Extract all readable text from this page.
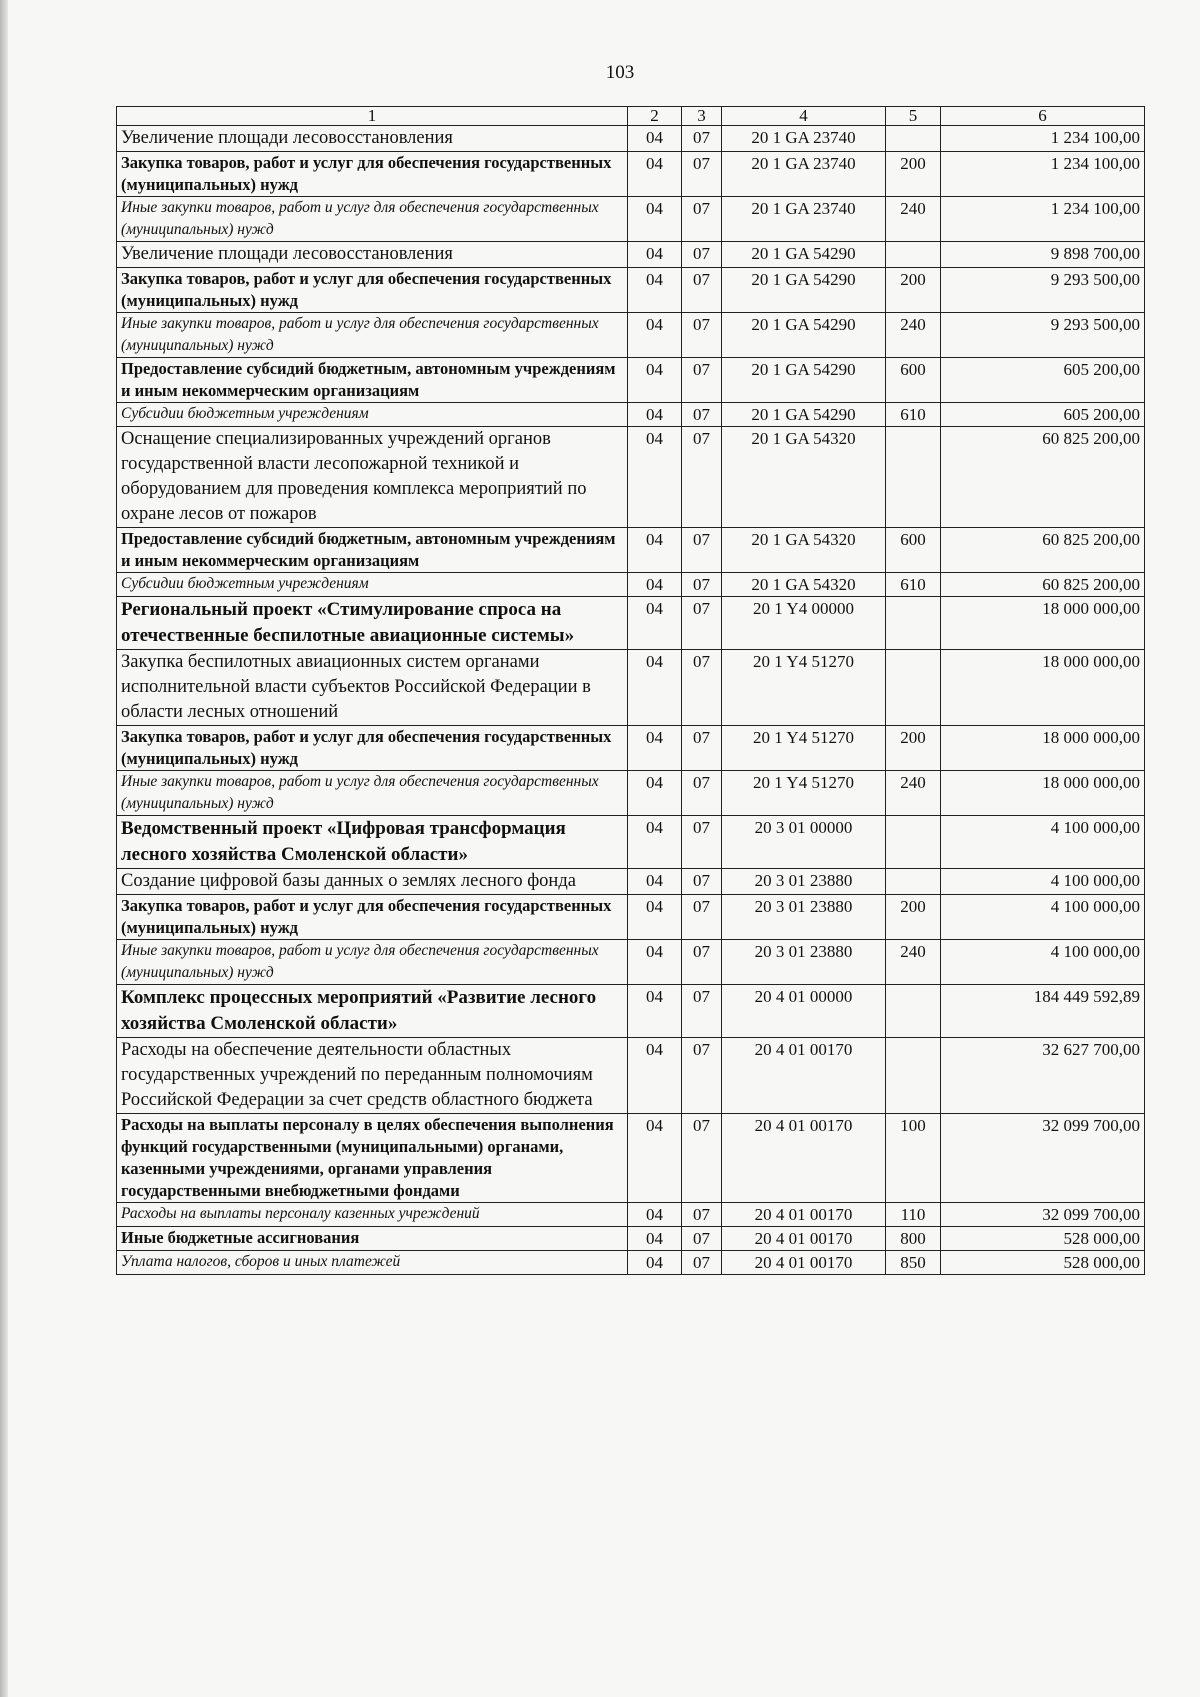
103
1	2	3	4	5	6
Увеличение площади лесовосстановления	04	07	20 1 GA 23740		1 234 100,00
Закупка товаров, работ и услуг для обеспечения государственных (муниципальных) нужд	04	07	20 1 GA 23740	200	1 234 100,00
Иные закупки товаров, работ и услуг для обеспечения государственных (муниципальных) нужд	04	07	20 1 GA 23740	240	1 234 100,00
Увеличение площади лесовосстановления	04	07	20 1 GA 54290		9 898 700,00
Закупка товаров, работ и услуг для обеспечения государственных (муниципальных) нужд	04	07	20 1 GA 54290	200	9 293 500,00
Иные закупки товаров, работ и услуг для обеспечения государственных (муниципальных) нужд	04	07	20 1 GA 54290	240	9 293 500,00
Предоставление субсидий бюджетным, автономным учреждениям и иным некоммерческим организациям	04	07	20 1 GA 54290	600	605 200,00
Субсидии бюджетным учреждениям	04	07	20 1 GA 54290	610	605 200,00
Оснащение специализированных учреждений органов государственной власти лесопожарной техникой и оборудованием для проведения комплекса мероприятий по охране лесов от пожаров	04	07	20 1 GA 54320		60 825 200,00
Предоставление субсидий бюджетным, автономным учреждениям и иным некоммерческим организациям	04	07	20 1 GA 54320	600	60 825 200,00
Субсидии бюджетным учреждениям	04	07	20 1 GA 54320	610	60 825 200,00
Региональный проект «Стимулирование спроса на отечественные беспилотные авиационные системы»	04	07	20 1 Y4 00000		18 000 000,00
Закупка беспилотных авиационных систем органами исполнительной власти субъектов Российской Федерации в области лесных отношений	04	07	20 1 Y4 51270		18 000 000,00
Закупка товаров, работ и услуг для обеспечения государственных (муниципальных) нужд	04	07	20 1 Y4 51270	200	18 000 000,00
Иные закупки товаров, работ и услуг для обеспечения государственных (муниципальных) нужд	04	07	20 1 Y4 51270	240	18 000 000,00
Ведомственный проект «Цифровая трансформация лесного хозяйства Смоленской области»	04	07	20 3 01 00000		4 100 000,00
Создание цифровой базы данных о землях лесного фонда	04	07	20 3 01 23880		4 100 000,00
Закупка товаров, работ и услуг для обеспечения государственных (муниципальных) нужд	04	07	20 3 01 23880	200	4 100 000,00
Иные закупки товаров, работ и услуг для обеспечения государственных (муниципальных) нужд	04	07	20 3 01 23880	240	4 100 000,00
Комплекс процессных мероприятий «Развитие лесного хозяйства Смоленской области»	04	07	20 4 01 00000		184 449 592,89
Расходы на обеспечение деятельности областных государственных учреждений по переданным полномочиям Российской Федерации за счет средств областного бюджета	04	07	20 4 01 00170		32 627 700,00
Расходы на выплаты персоналу в целях обеспечения выполнения функций государственными (муниципальными) органами, казенными учреждениями, органами управления государственными внебюджетными фондами	04	07	20 4 01 00170	100	32 099 700,00
Расходы на выплаты персоналу казенных учреждений	04	07	20 4 01 00170	110	32 099 700,00
Иные бюджетные ассигнования	04	07	20 4 01 00170	800	528 000,00
Уплата налогов, сборов и иных платежей	04	07	20 4 01 00170	850	528 000,00
